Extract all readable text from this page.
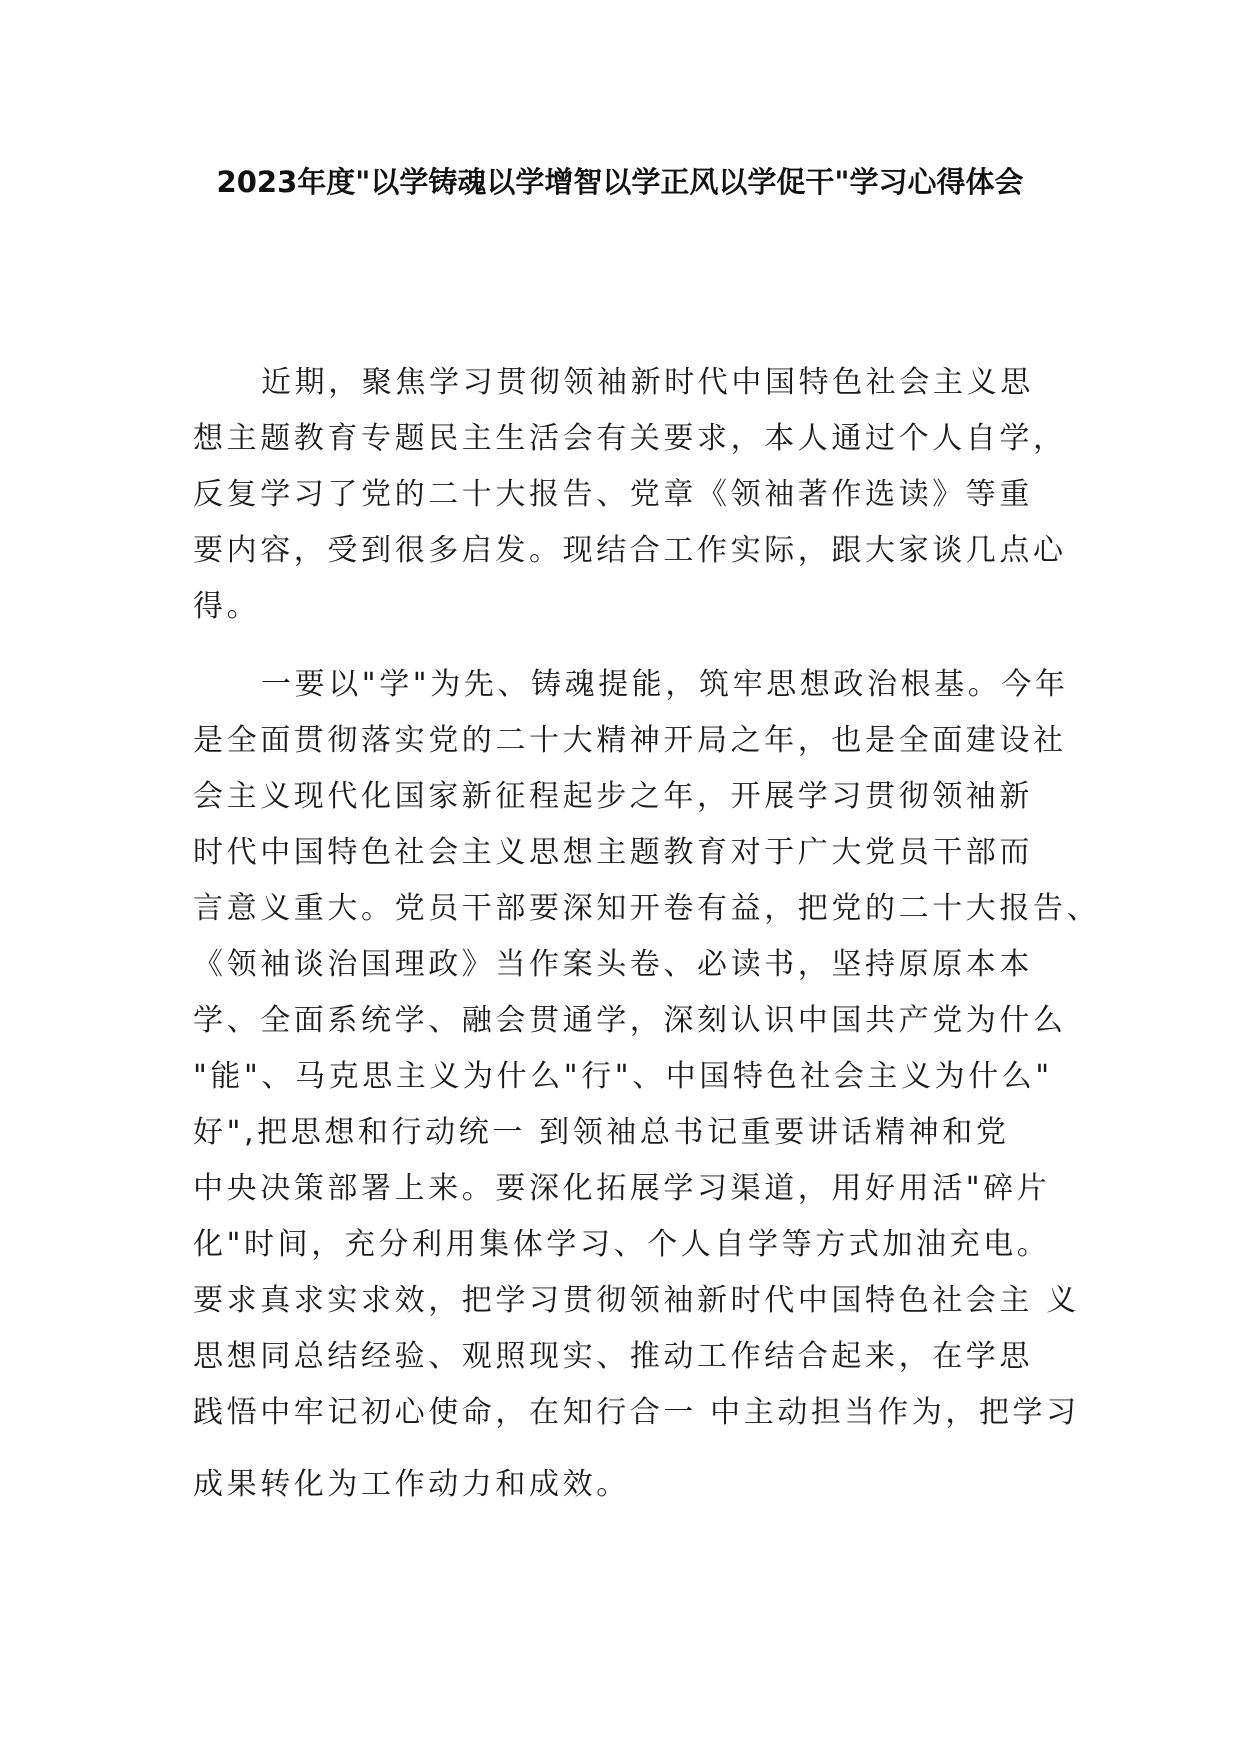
2023年度"以学铸魂以学增智以学正风以学促干"学习心得体会
近期，聚焦学习贯彻领袖新时代中国特色社会主义思
想主题教育专题民主生活会有关要求，本人通过个人自学，
反复学习了党的二十大报告、党章《领袖著作选读》等重
要内容，受到很多启发。现结合工作实际，跟大家谈几点心
得。
一要以"学"为先、铸魂提能，筑牢思想政治根基。今年
是全面贯彻落实党的二十大精神开局之年，也是全面建设社
会主义现代化国家新征程起步之年，开展学习贯彻领袖新
时代中国特色社会主义思想主题教育对于广大党员干部而
言意义重大。党员干部要深知开卷有益，把党的二十大报告、
《领袖谈治国理政》当作案头卷、必读书，坚持原原本本
学、全面系统学、融会贯通学，深刻认识中国共产党为什么
"能"、马克思主义为什么"行"、中国特色社会主义为什么"
好",把思想和行动统一 到领袖总书记重要讲话精神和党
中央决策部署上来。要深化拓展学习渠道，用好用活"碎片
化"时间，充分利用集体学习、个人自学等方式加油充电。
要求真求实求效，把学习贯彻领袖新时代中国特色社会主 义
思想同总结经验、观照现实、推动工作结合起来，在学思
践悟中牢记初心使命，在知行合一 中主动担当作为，把学习
成果转化为工作动力和成效。
